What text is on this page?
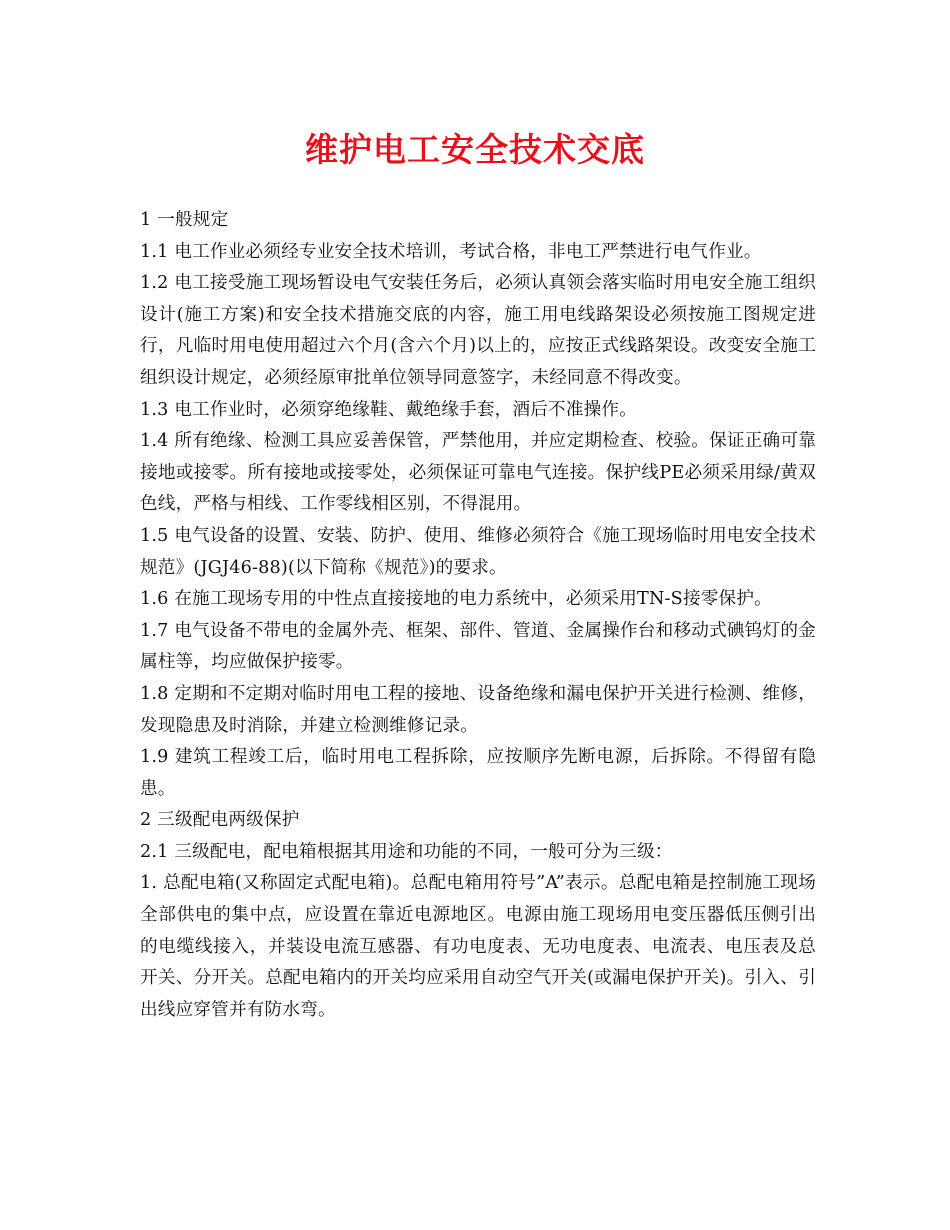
维护电工安全技术交底

1 一般规定

1.1 电工作业必须经专业安全技术培训，考试合格，非电工严禁进行电气作业。

1.2 电工接受施工现场暂设电气安装任务后，必须认真领会落实临时用电安全施工组织设计(施工方案)和安全技术措施交底的内容，施工用电线路架设必须按施工图规定进行，凡临时用电使用超过六个月(含六个月)以上的，应按正式线路架设。改变安全施工组织设计规定，必须经原审批单位领导同意签字，未经同意不得改变。

1.3 电工作业时，必须穿绝缘鞋、戴绝缘手套，酒后不准操作。

1.4 所有绝缘、检测工具应妥善保管，严禁他用，并应定期检查、校验。保证正确可靠接地或接零。所有接地或接零处，必须保证可靠电气连接。保护线PE必须采用绿/黄双色线，严格与相线、工作零线相区别，不得混用。

1.5 电气设备的设置、安装、防护、使用、维修必须符合《施工现场临时用电安全技术规范》(JGJ46-88)(以下简称《规范》)的要求。

1.6 在施工现场专用的中性点直接接地的电力系统中，必须采用TN-S接零保护。

1.7 电气设备不带电的金属外壳、框架、部件、管道、金属操作台和移动式碘钨灯的金属柱等，均应做保护接零。

1.8 定期和不定期对临时用电工程的接地、设备绝缘和漏电保护开关进行检测、维修，发现隐患及时消除，并建立检测维修记录。

1.9 建筑工程竣工后，临时用电工程拆除，应按顺序先断电源，后拆除。不得留有隐患。

2 三级配电两级保护

2.1 三级配电，配电箱根据其用途和功能的不同，一般可分为三级：

1. 总配电箱(又称固定式配电箱)。总配电箱用符号”A”表示。总配电箱是控制施工现场全部供电的集中点，应设置在靠近电源地区。电源由施工现场用电变压器低压侧引出的电缆线接入，并装设电流互感器、有功电度表、无功电度表、电流表、电压表及总开关、分开关。总配电箱内的开关均应采用自动空气开关(或漏电保护开关)。引入、引出线应穿管并有防水弯。
